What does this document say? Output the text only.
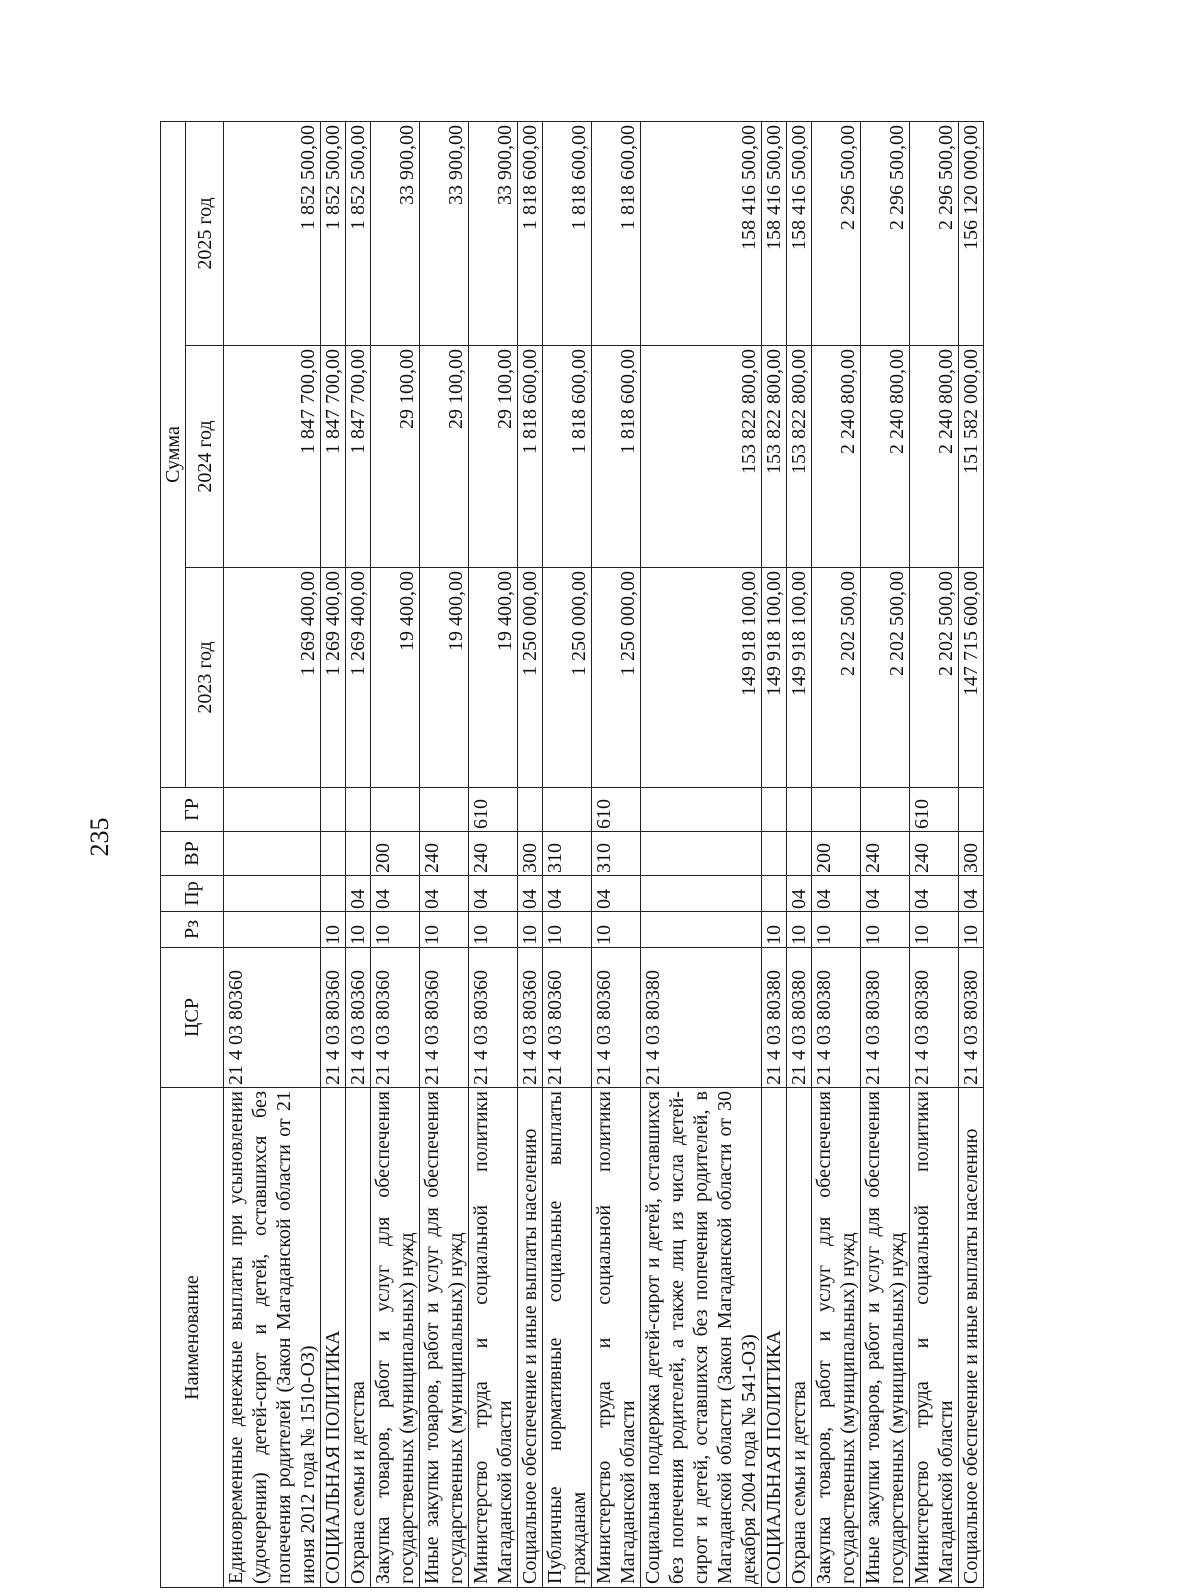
235
Наименование	ЦСР	Рз	Пр	ВР	ГР	Сумма		
						2023 год	2024 год	2025 год
Единовременные денежные выплаты при усыновлении (удочерении) детей-сирот и детей, оставшихся без попечения родителей (Закон Магаданской области от 21 июня 2012 года № 1510-ОЗ)	21 4 03 80360					1 269 400,00	1 847 700,00	1 852 500,00
СОЦИАЛЬНАЯ ПОЛИТИКА	21 4 03 80360	10				1 269 400,00	1 847 700,00	1 852 500,00
Охрана семьи и детства	21 4 03 80360	10	04			1 269 400,00	1 847 700,00	1 852 500,00
Закупка товаров, работ и услуг для обеспечения государственных (муниципальных) нужд	21 4 03 80360	10	04	200		19 400,00	29 100,00	33 900,00
Иные закупки товаров, работ и услуг для обеспечения государственных (муниципальных) нужд	21 4 03 80360	10	04	240		19 400,00	29 100,00	33 900,00
Министерство труда и социальной политики Магаданской области	21 4 03 80360	10	04	240	610	19 400,00	29 100,00	33 900,00
Социальное обеспечение и иные выплаты населению	21 4 03 80360	10	04	300		1 250 000,00	1 818 600,00	1 818 600,00
Публичные нормативные социальные выплаты гражданам	21 4 03 80360	10	04	310		1 250 000,00	1 818 600,00	1 818 600,00
Министерство труда и социальной политики Магаданской области	21 4 03 80360	10	04	310	610	1 250 000,00	1 818 600,00	1 818 600,00
Социальная поддержка детей-сирот и детей, оставшихся без попечения родителей, а также лиц из числа детей-сирот и детей, оставшихся без попечения родителей, в Магаданской области (Закон Магаданской области от 30 декабря 2004 года № 541-ОЗ)	21 4 03 80380					149 918 100,00	153 822 800,00	158 416 500,00
СОЦИАЛЬНАЯ ПОЛИТИКА	21 4 03 80380	10				149 918 100,00	153 822 800,00	158 416 500,00
Охрана семьи и детства	21 4 03 80380	10	04			149 918 100,00	153 822 800,00	158 416 500,00
Закупка товаров, работ и услуг для обеспечения государственных (муниципальных) нужд	21 4 03 80380	10	04	200		2 202 500,00	2 240 800,00	2 296 500,00
Иные закупки товаров, работ и услуг для обеспечения государственных (муниципальных) нужд	21 4 03 80380	10	04	240		2 202 500,00	2 240 800,00	2 296 500,00
Министерство труда и социальной политики Магаданской области	21 4 03 80380	10	04	240	610	2 202 500,00	2 240 800,00	2 296 500,00
Социальное обеспечение и иные выплаты населению	21 4 03 80380	10	04	300		147 715 600,00	151 582 000,00	156 120 000,00
